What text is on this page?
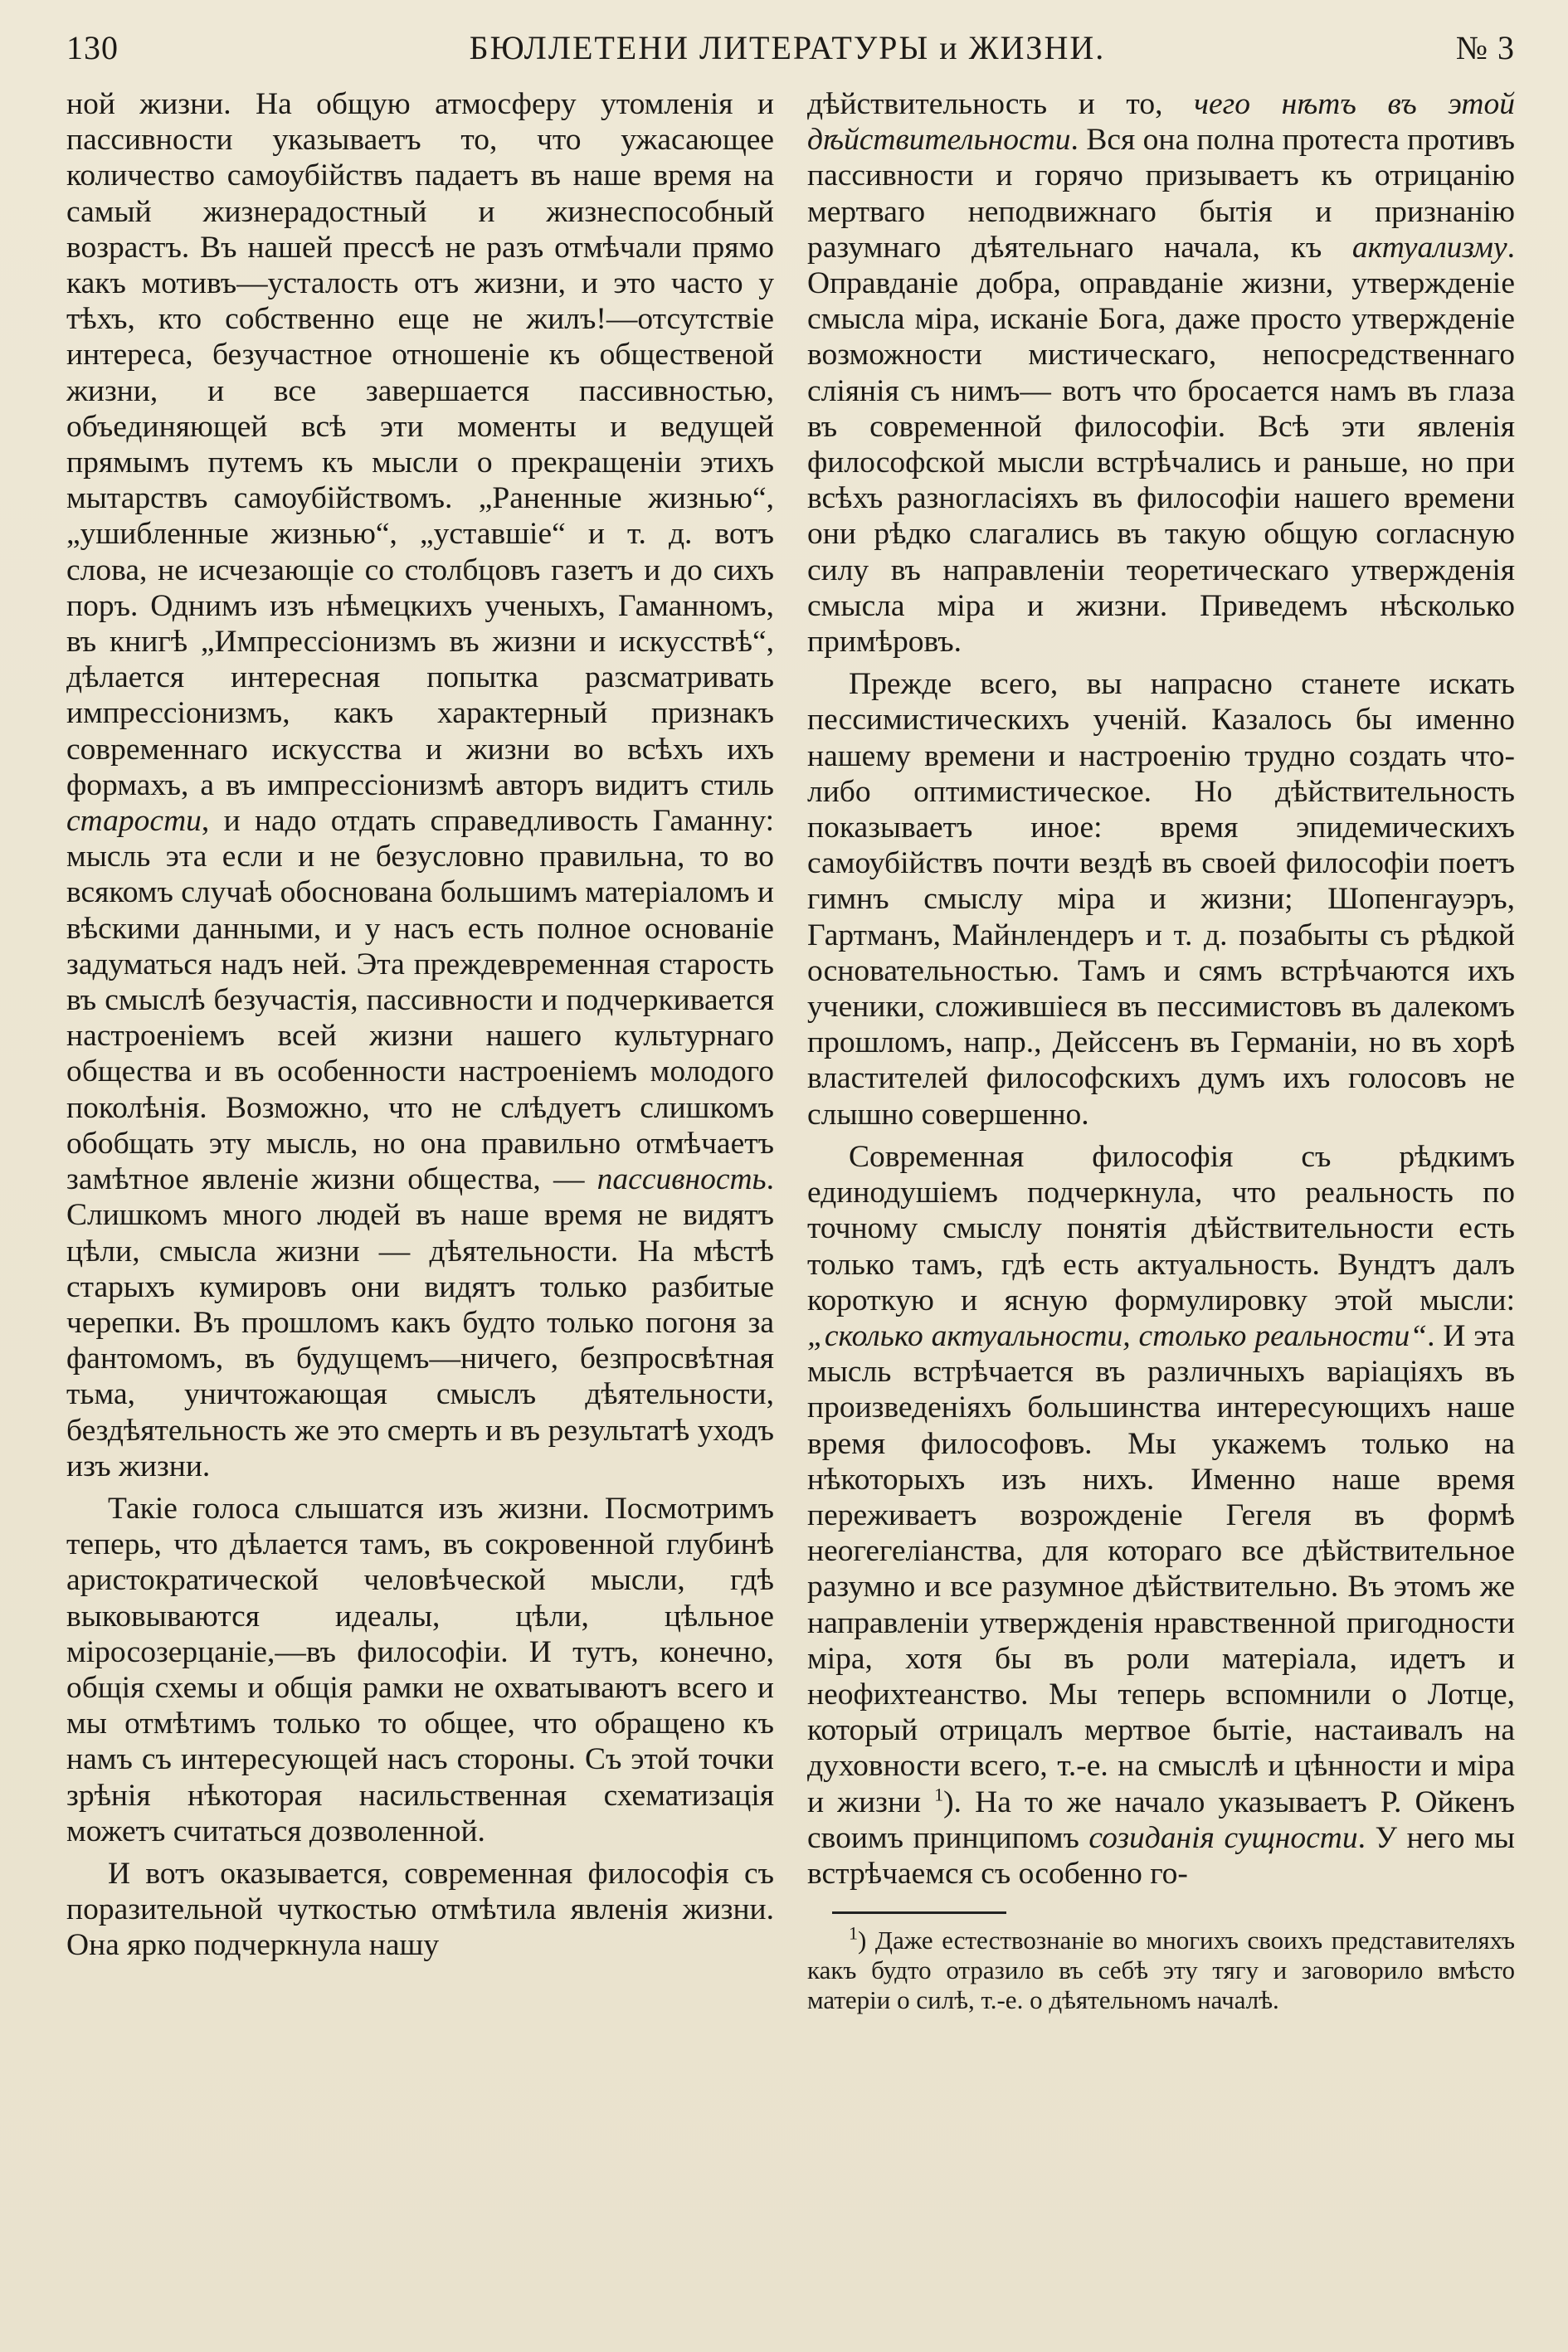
130	БЮЛЛЕТЕНИ ЛИТЕРАТУРЫ и ЖИЗНИ.	№ 3

ной жизни. На общую атмосферу утомленія и пассивности указываетъ то, что ужасающее количество самоубійствъ падаетъ въ наше время на самый жизнерадостный и жизнеспособный возрастъ. Въ нашей прессѣ не разъ отмѣчали прямо какъ мотивъ—усталость отъ жизни, и это часто у тѣхъ, кто собственно еще не жилъ!—отсутствіе интереса, безучастное отношеніе къ общественой жизни, и все завершается пассивностью, объединяющей всѣ эти моменты и ведущей прямымъ путемъ къ мысли о прекращеніи этихъ мытарствъ самоубійствомъ. „Раненные жизнью“, „ушибленные жизнью“, „уставшіе“ и т. д. вотъ слова, не исчезающіе со столбцовъ газетъ и до сихъ поръ. Однимъ изъ нѣмецкихъ ученыхъ, Гаманномъ, въ книгѣ „Импрессіонизмъ въ жизни и искусствѣ“, дѣлается интересная попытка разсматривать импрессіонизмъ, какъ характерный признакъ современнаго искусства и жизни во всѣхъ ихъ формахъ, а въ импрессіонизмѣ авторъ видитъ стиль старости, и надо отдать справедливость Гаманну: мысль эта если и не безусловно правильна, то во всякомъ случаѣ обоснована большимъ матеріаломъ и вѣскими данными, и у насъ есть полное основаніе задуматься надъ ней. Эта преждевременная старость въ смыслѣ безучастія, пассивности и подчеркивается настроеніемъ всей жизни нашего культурнаго общества и въ особенности настроеніемъ молодого поколѣнія. Возможно, что не слѣдуетъ слишкомъ обобщать эту мысль, но она правильно отмѣчаетъ замѣтное явленіе жизни общества, — пассивность. Слишкомъ много людей въ наше время не видятъ цѣли, смысла жизни — дѣятельности. На мѣстѣ старыхъ кумировъ они видятъ только разбитые черепки. Въ прошломъ какъ будто только погоня за фантомомъ, въ будущемъ—ничего, безпросвѣтная тьма, уничтожающая смыслъ дѣятельности, бездѣятельность же это смерть и въ результатѣ уходъ изъ жизни.

Такіе голоса слышатся изъ жизни. Посмотримъ теперь, что дѣлается тамъ, въ сокровенной глубинѣ аристократической человѣческой мысли, гдѣ выковываются идеалы, цѣли, цѣльное міросозерцаніе,—въ философіи. И тутъ, конечно, общія схемы и общія рамки не охватываютъ всего и мы отмѣтимъ только то общее, что обращено къ намъ съ интересующей насъ стороны. Съ этой точки зрѣнія нѣкоторая насильственная схематизація можетъ считаться дозволенной.

И вотъ оказывается, современная философія съ поразительной чуткостью отмѣтила явленія жизни. Она ярко подчеркнула нашу

дѣйствительность и то, чего нѣтъ въ этой дѣйствительности. Вся она полна протеста противъ пассивности и горячо призываетъ къ отрицанію мертваго неподвижнаго бытія и признанію разумнаго дѣятельнаго начала, къ актуализму. Оправданіе добра, оправданіе жизни, утвержденіе смысла міра, исканіе Бога, даже просто утвержденіе возможности мистическаго, непосредственнаго сліянія съ нимъ— вотъ что бросается намъ въ глаза въ современной философіи. Всѣ эти явленія философской мысли встрѣчались и раньше, но при всѣхъ разногласіяхъ въ философіи нашего времени они рѣдко слагались въ такую общую согласную силу въ направленіи теоретическаго утвержденія смысла міра и жизни. Приведемъ нѣсколько примѣровъ.

Прежде всего, вы напрасно станете искать пессимистическихъ ученій. Казалось бы именно нашему времени и настроенію трудно создать что-либо оптимистическое. Но дѣйствительность показываетъ иное: время эпидемическихъ самоубійствъ почти вездѣ въ своей философіи поетъ гимнъ смыслу міра и жизни; Шопенгауэръ, Гартманъ, Майнлендеръ и т. д. позабыты съ рѣдкой основательностью. Тамъ и сямъ встрѣчаются ихъ ученики, сложившіеся въ пессимистовъ въ далекомъ прошломъ, напр., Дейссенъ въ Германіи, но въ хорѣ властителей философскихъ думъ ихъ голосовъ не слышно совершенно.

Современная философія съ рѣдкимъ единодушіемъ подчеркнула, что реальность по точному смыслу понятія дѣйствительности есть только тамъ, гдѣ есть актуальность. Вундтъ далъ короткую и ясную формулировку этой мысли: „сколько актуальности, столько реальности“. И эта мысль встрѣчается въ различныхъ варіаціяхъ въ произведеніяхъ большинства интересующихъ наше время философовъ. Мы укажемъ только на нѣкоторыхъ изъ нихъ. Именно наше время переживаетъ возрожденіе Гегеля въ формѣ неогегеліанства, для котораго все дѣйствительное разумно и все разумное дѣйствительно. Въ этомъ же направленіи утвержденія нравственной пригодности міра, хотя бы въ роли матеріала, идетъ и неофихтеанство. Мы теперь вспомнили о Лотце, который отрицалъ мертвое бытіе, настаивалъ на духовности всего, т.-е. на смыслѣ и цѣнности и міра и жизни $^1$). На то же начало указываетъ Р. Ойкенъ своимъ принципомъ созиданія сущности. У него мы встрѣчаемся съ особенно го-

$^1$) Даже естествознаніе во многихъ своихъ представителяхъ какъ будто отразило въ себѣ эту тягу и заговорило вмѣсто матеріи о силѣ, т.-е. о дѣятельномъ началѣ.
